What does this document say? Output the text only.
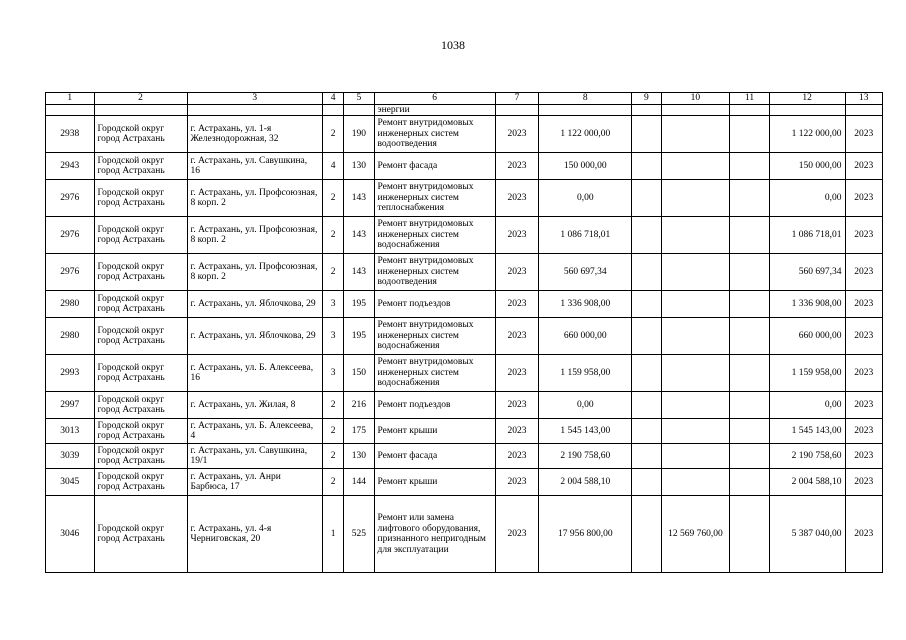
1038
1	2	3	4	5	6	7	8	9	10	11	12	13
					энергии							
2938	Городской округ город Астрахань	г. Астрахань, ул. 1-я Железнодорожная, 32	2	190	Ремонт внутридомовых инженерных систем водоотведения	2023	1 122 000,00				1 122 000,00	2023
2943	Городской округ город Астрахань	г. Астрахань, ул. Савушкина, 16	4	130	Ремонт фасада	2023	150 000,00				150 000,00	2023
2976	Городской округ город Астрахань	г. Астрахань, ул. Профсоюзная, 8 корп. 2	2	143	Ремонт внутридомовых инженерных систем теплоснабжения	2023	0,00				0,00	2023
2976	Городской округ город Астрахань	г. Астрахань, ул. Профсоюзная, 8 корп. 2	2	143	Ремонт внутридомовых инженерных систем водоснабжения	2023	1 086 718,01				1 086 718,01	2023
2976	Городской округ город Астрахань	г. Астрахань, ул. Профсоюзная, 8 корп. 2	2	143	Ремонт внутридомовых инженерных систем водоотведения	2023	560 697,34				560 697,34	2023
2980	Городской округ город Астрахань	г. Астрахань, ул. Яблочкова, 29	3	195	Ремонт подъездов	2023	1 336 908,00				1 336 908,00	2023
2980	Городской округ город Астрахань	г. Астрахань, ул. Яблочкова, 29	3	195	Ремонт внутридомовых инженерных систем водоснабжения	2023	660 000,00				660 000,00	2023
2993	Городской округ город Астрахань	г. Астрахань, ул. Б. Алексеева, 16	3	150	Ремонт внутридомовых инженерных систем водоснабжения	2023	1 159 958,00				1 159 958,00	2023
2997	Городской округ город Астрахань	г. Астрахань, ул. Жилая, 8	2	216	Ремонт подъездов	2023	0,00				0,00	2023
3013	Городской округ город Астрахань	г. Астрахань, ул. Б. Алексеева, 4	2	175	Ремонт крыши	2023	1 545 143,00				1 545 143,00	2023
3039	Городской округ город Астрахань	г. Астрахань, ул. Савушкина, 19/1	2	130	Ремонт фасада	2023	2 190 758,60				2 190 758,60	2023
3045	Городской округ город Астрахань	г. Астрахань, ул. Анри Барбюса, 17	2	144	Ремонт крыши	2023	2 004 588,10				2 004 588,10	2023
3046	Городской округ город Астрахань	г. Астрахань, ул. 4-я Черниговская, 20	1	525	Ремонт или замена лифтового оборудования, признанного непригодным для эксплуатации	2023	17 956 800,00		12 569 760,00		5 387 040,00	2023
